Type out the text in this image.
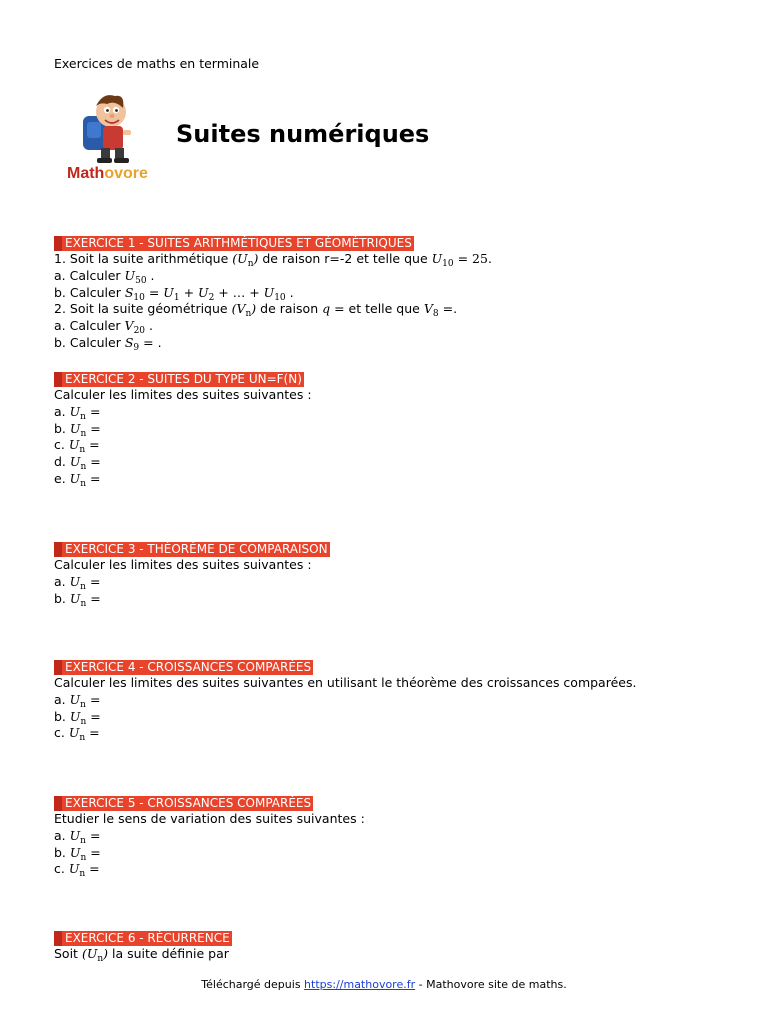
Exercices de maths en terminale
Mathovore
Suites numériques
EXERCICE 1 - SUITES ARITHMÉTIQUES ET GÉOMÉTRIQUES
1. Soit la suite arithmétique $(U_n)$ de raison r=-2 et telle que $U_{10} = 25$.
a. Calculer $U_{50}$ .
b. Calculer $S_{10} = U_1 + U_2$ + … + $U_{10}$ .
2. Soit la suite géométrique $(V_n)$ de raison q = et telle que $V_8$ =.
a. Calculer $V_{20}$ .
b. Calculer $S_9$ = .
EXERCICE 2 - SUITES DU TYPE UN=F(N)
Calculer les limites des suites suivantes :
a. $U_n$ =
b. $U_n$ =
c. $U_n$ =
d. $U_n$ =
e. $U_n$ =
EXERCICE 3 - THÉORÈME DE COMPARAISON
Calculer les limites des suites suivantes :
a. $U_n$ =
b. $U_n$ =
EXERCICE 4 - CROISSANCES COMPARÉES
Calculer les limites des suites suivantes en utilisant le théorème des croissances comparées.
a. $U_n$ =
b. $U_n$ =
c. $U_n$ =
EXERCICE 5 - CROISSANCES COMPARÉES
Etudier le sens de variation des suites suivantes :
a. $U_n$ =
b. $U_n$ =
c. $U_n$ =
EXERCICE 6 - RÉCURRENCE
Soit $(U_n)$ la suite définie par
Téléchargé depuis https://mathovore.fr - Mathovore site de maths.
